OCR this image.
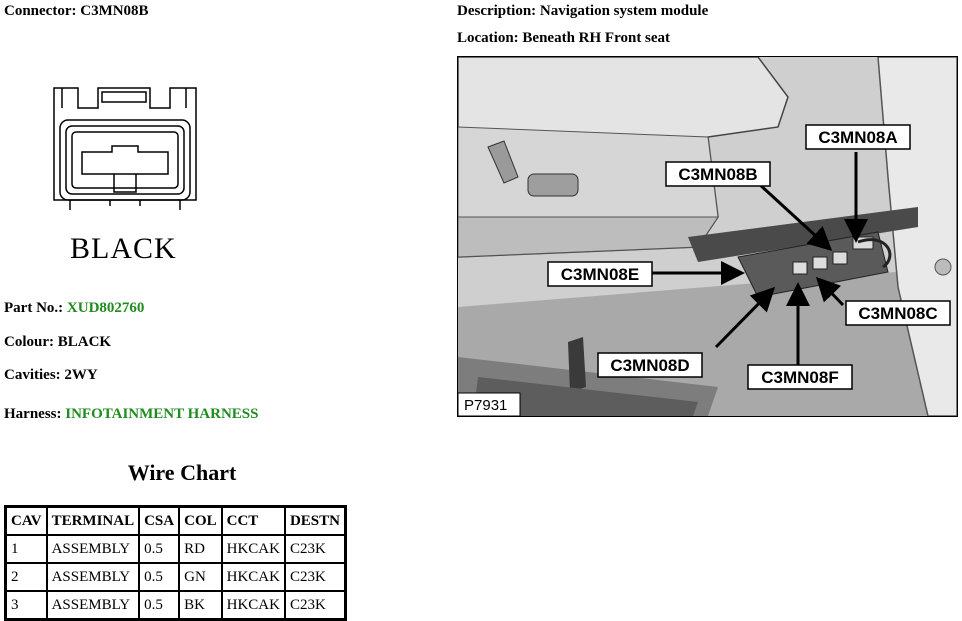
Connector: C3MN08B	Description: Navigation system module
Location: Beneath RH Front seat
BLACK
Part No.: XUD802760
Colour: BLACK
Cavities: 2WY
Harness: INFOTAINMENT HARNESS
Wire Chart
CAV	TERMINAL	CSA	COL	CCT	DESTN
1	ASSEMBLY	0.5	RD	HKCAK	C23K
2	ASSEMBLY	0.5	GN	HKCAK	C23K
3	ASSEMBLY	0.5	BK	HKCAK	C23K
C3MN08A
C3MN08B
C3MN08E
C3MN08C
C3MN08D
C3MN08F
P7931
